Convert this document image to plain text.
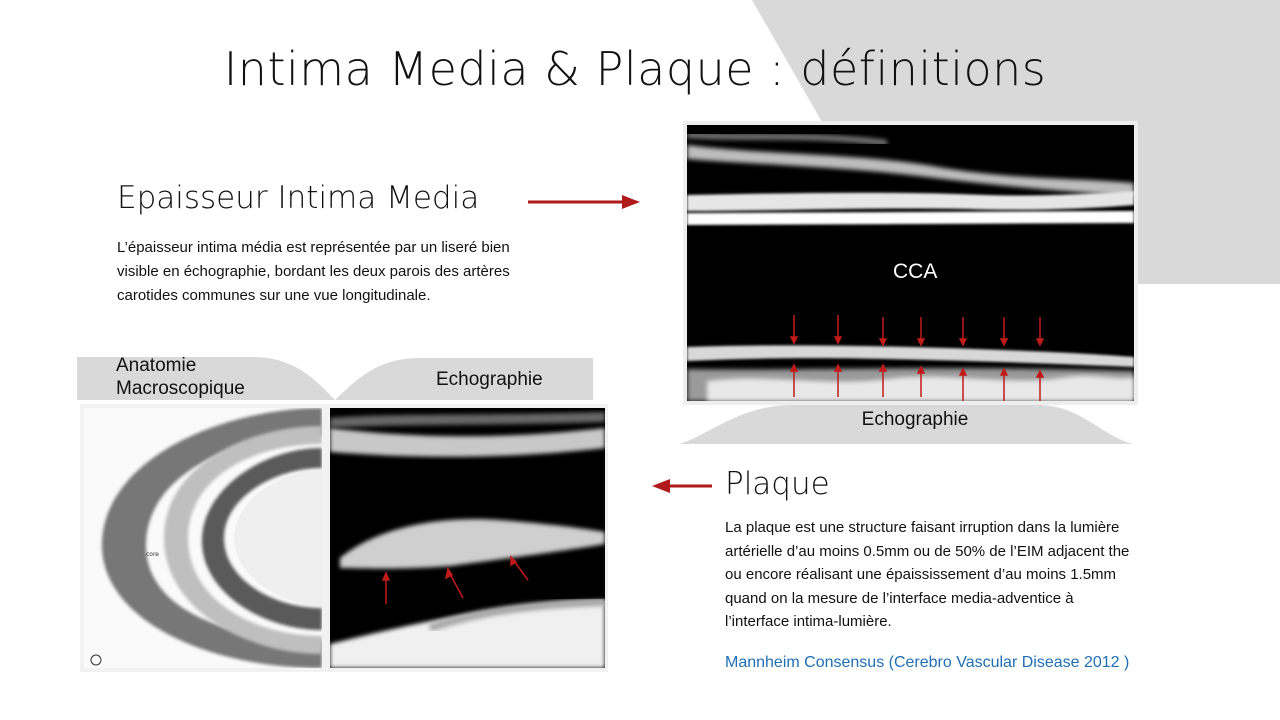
Intima Media & Plaque : définitions
Epaisseur Intima Media
L’épaisseur intima média est représentée par un liseré bien
visible en échographie, bordant les deux parois des artères
carotides communes sur une vue longitudinale.
CCA
Echographie
Anatomie
Macroscopique	Echographie
core
Plaque
La plaque est une structure faisant irruption dans la lumière
artérielle d’au moins 0.5mm ou de 50% de l’EIM adjacent the
ou encore réalisant une épaississement d’au moins 1.5mm
quand on la mesure de l’interface media-adventice à
l’interface intima-lumière.
Mannheim Consensus (Cerebro Vascular Disease 2012 )
